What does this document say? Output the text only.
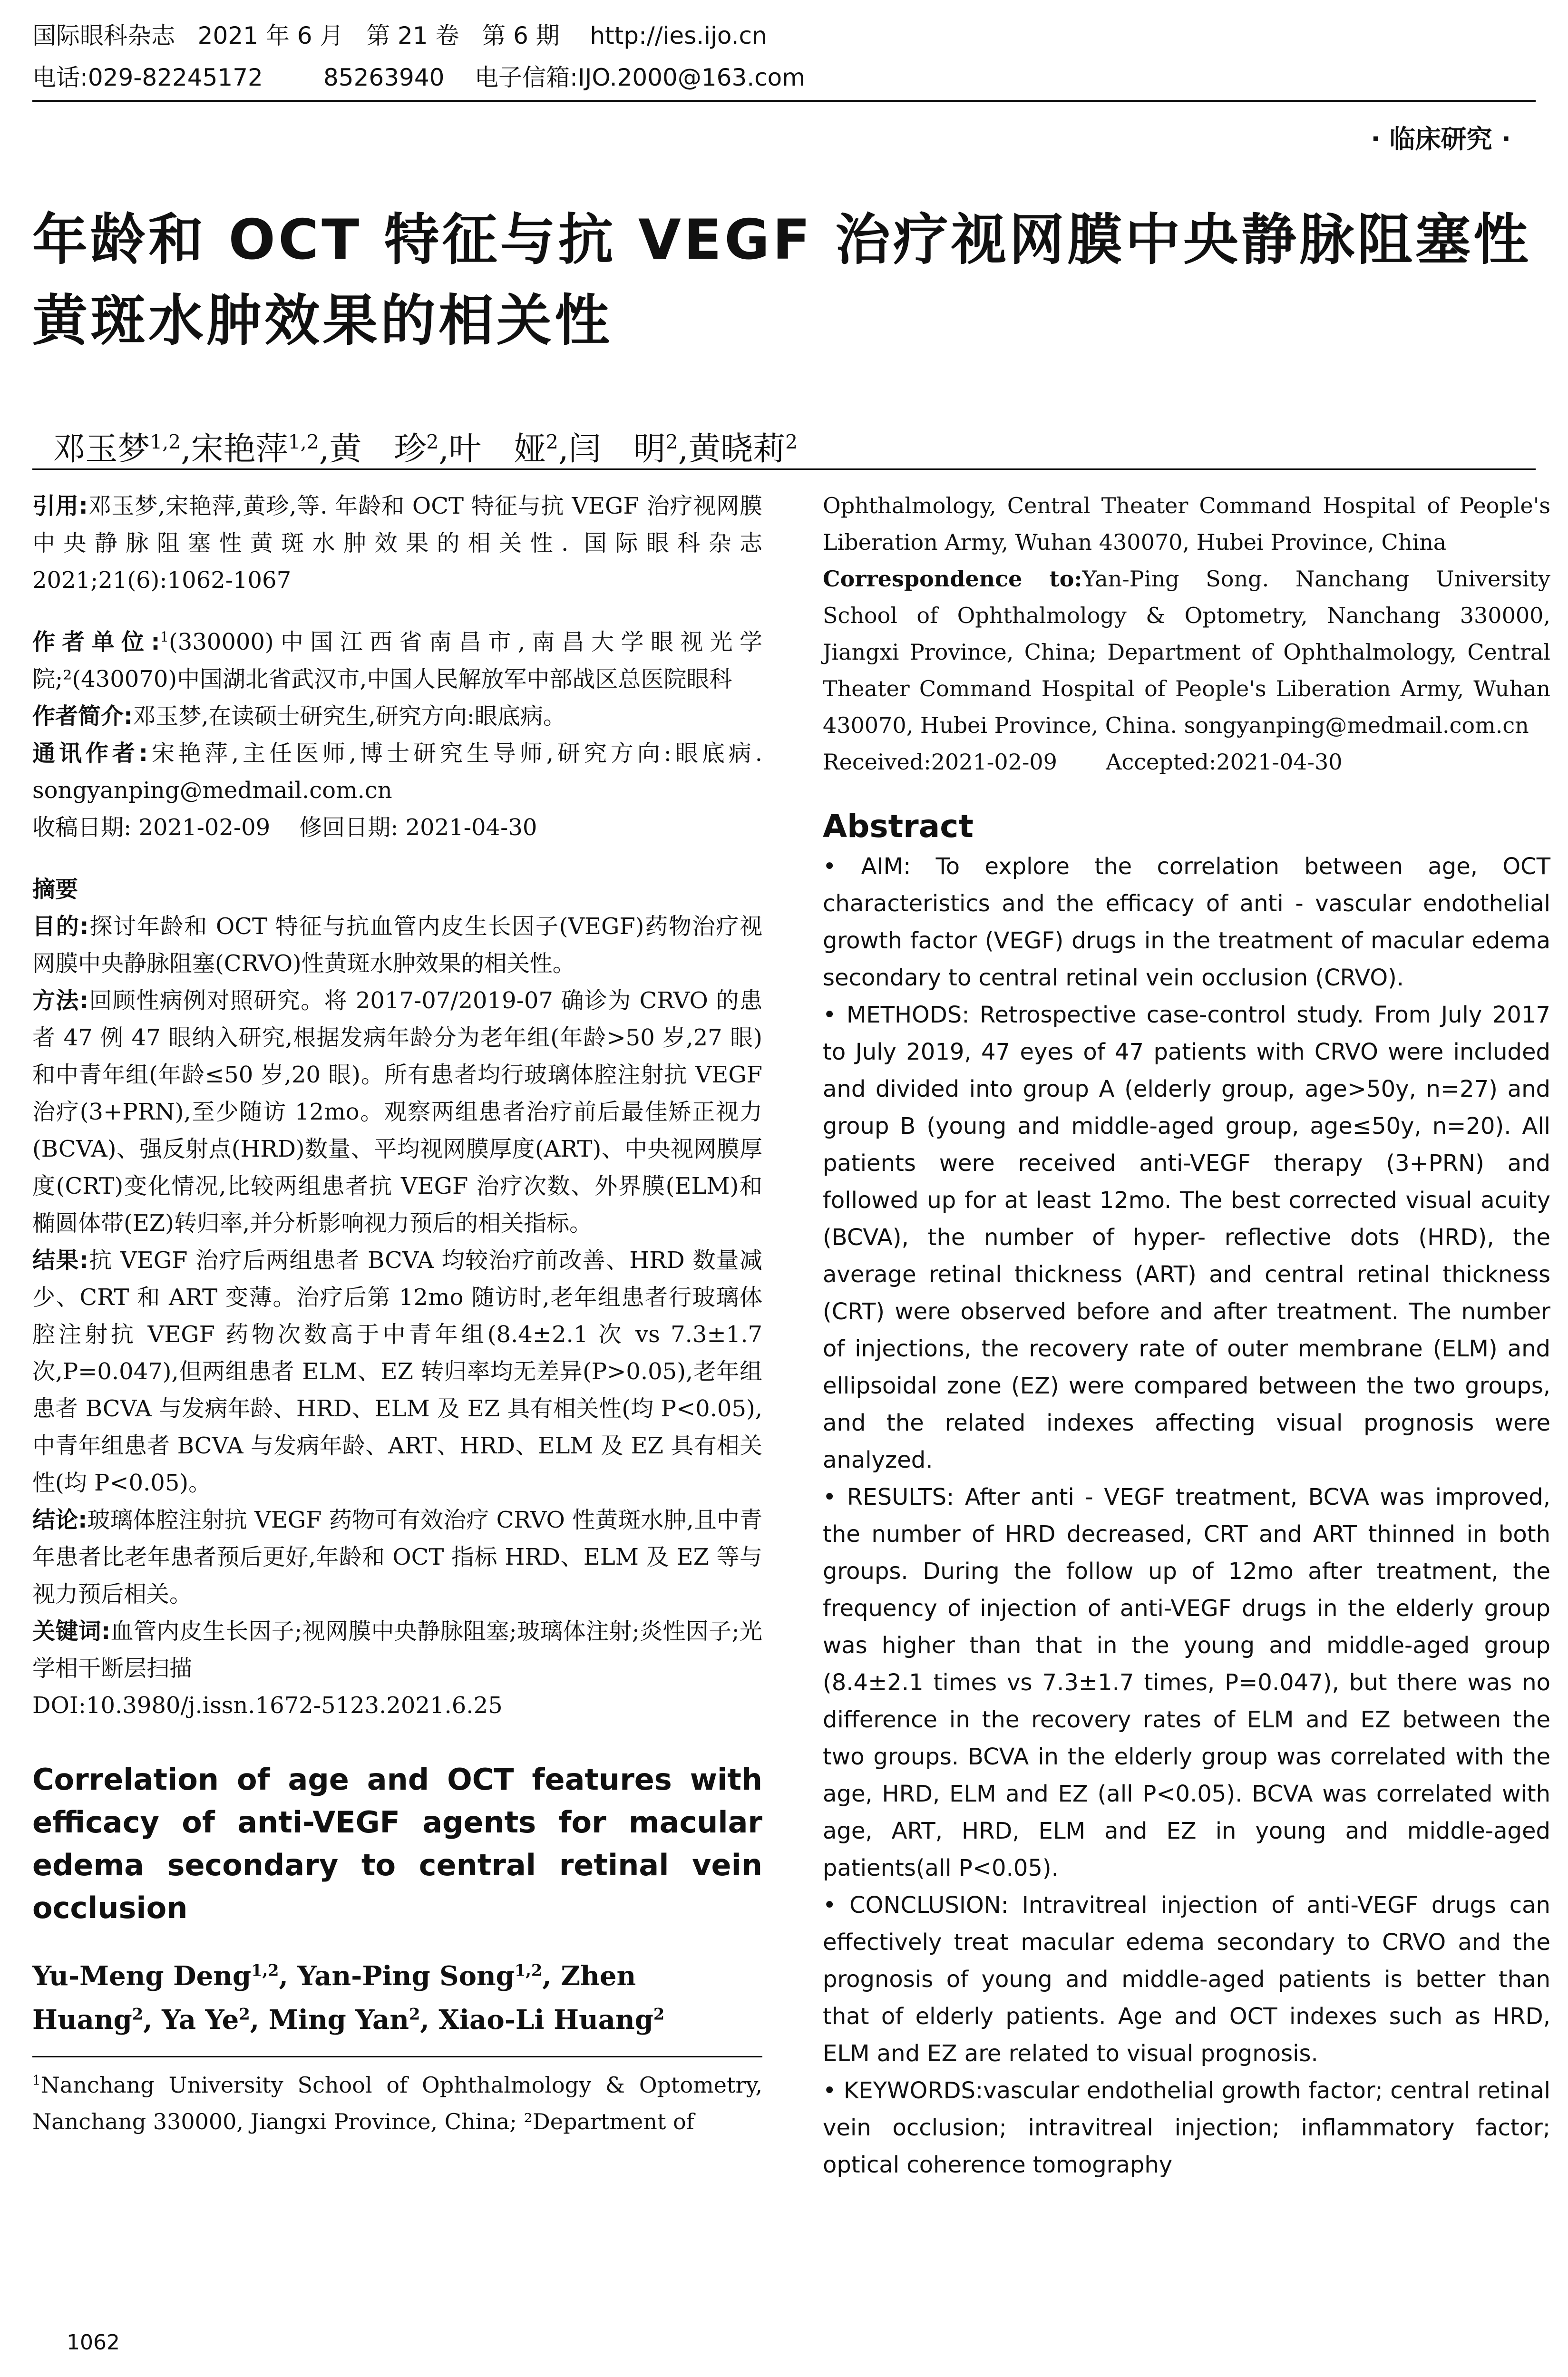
国际眼科杂志   2021 年 6 月   第 21 卷   第 6 期    http://ies.ijo.cn
电话:029-82245172        85263940    电子信箱:IJO.2000@163.com
· 临床研究 ·
年龄和 OCT 特征与抗 VEGF 治疗视网膜中央静脉阻塞性黄斑水肿效果的相关性

邓玉梦$^{1,2}$,宋艳萍$^{1,2}$,黄　珍$^2$,叶　娅$^2$,闫　明$^2$,黄晓莉$^2$

引用:邓玉梦,宋艳萍,黄珍,等. 年龄和 OCT 特征与抗 VEGF 治疗视网膜中央静脉阻塞性黄斑水肿效果的相关性. 国际眼科杂志 2021;21(6):1062-1067

作者单位:$^1$(330000)中国江西省南昌市,南昌大学眼视光学院;²(430070)中国湖北省武汉市,中国人民解放军中部战区总医院眼科

作者简介:邓玉梦,在读硕士研究生,研究方向:眼底病。

通讯作者:宋艳萍,主任医师,博士研究生导师,研究方向:眼底病. songyanping@medmail.com.cn

收稿日期: 2021-02-09    修回日期: 2021-04-30

摘要

目的:探讨年龄和 OCT 特征与抗血管内皮生长因子(VEGF)药物治疗视网膜中央静脉阻塞(CRVO)性黄斑水肿效果的相关性。

方法:回顾性病例对照研究。将 2017-07/2019-07 确诊为 CRVO 的患者 47 例 47 眼纳入研究,根据发病年龄分为老年组(年龄>50 岁,27 眼)和中青年组(年龄≤50 岁,20 眼)。所有患者均行玻璃体腔注射抗 VEGF 治疗(3+PRN),至少随访 12mo。观察两组患者治疗前后最佳矫正视力(BCVA)、强反射点(HRD)数量、平均视网膜厚度(ART)、中央视网膜厚度(CRT)变化情况,比较两组患者抗 VEGF 治疗次数、外界膜(ELM)和椭圆体带(EZ)转归率,并分析影响视力预后的相关指标。

结果:抗 VEGF 治疗后两组患者 BCVA 均较治疗前改善、HRD 数量减少、CRT 和 ART 变薄。治疗后第 12mo 随访时,老年组患者行玻璃体腔注射抗 VEGF 药物次数高于中青年组(8.4±2.1 次 vs 7.3±1.7 次,P=0.047),但两组患者 ELM、EZ 转归率均无差异(P>0.05),老年组患者 BCVA 与发病年龄、HRD、ELM 及 EZ 具有相关性(均 P<0.05),中青年组患者 BCVA 与发病年龄、ART、HRD、ELM 及 EZ 具有相关性(均 P<0.05)。

结论:玻璃体腔注射抗 VEGF 药物可有效治疗 CRVO 性黄斑水肿,且中青年患者比老年患者预后更好,年龄和 OCT 指标 HRD、ELM 及 EZ 等与视力预后相关。

关键词:血管内皮生长因子;视网膜中央静脉阻塞;玻璃体注射;炎性因子;光学相干断层扫描

DOI:10.3980/j.issn.1672-5123.2021.6.25

Correlation of age and OCT features with efficacy of anti-VEGF agents for macular edema secondary to central retinal vein occlusion

Yu-Meng Deng$^{1,2}$, Yan-Ping Song$^{1,2}$, Zhen Huang$^2$, Ya Ye$^2$, Ming Yan$^2$, Xiao-Li Huang$^2$

$^1$Nanchang University School of Ophthalmology & Optometry, Nanchang 330000, Jiangxi Province, China; ²Department of

Ophthalmology, Central Theater Command Hospital of People's Liberation Army, Wuhan 430070, Hubei Province, China

Correspondence to:Yan-Ping Song. Nanchang University School of Ophthalmology & Optometry, Nanchang 330000, Jiangxi Province, China; Department of Ophthalmology, Central Theater Command Hospital of People's Liberation Army, Wuhan 430070, Hubei Province, China. songyanping@medmail.com.cn

Received:2021-02-09       Accepted:2021-04-30

Abstract

• AIM: To explore the correlation between age, OCT characteristics and the efficacy of anti - vascular endothelial growth factor (VEGF) drugs in the treatment of macular edema secondary to central retinal vein occlusion (CRVO).

• METHODS: Retrospective case-control study. From July 2017 to July 2019, 47 eyes of 47 patients with CRVO were included and divided into group A (elderly group, age>50y, n=27) and group B (young and middle-aged group, age≤50y, n=20). All patients were received anti-VEGF therapy (3+PRN) and followed up for at least 12mo. The best corrected visual acuity (BCVA), the number of hyper- reflective dots (HRD), the average retinal thickness (ART) and central retinal thickness (CRT) were observed before and after treatment. The number of injections, the recovery rate of outer membrane (ELM) and ellipsoidal zone (EZ) were compared between the two groups, and the related indexes affecting visual prognosis were analyzed.

• RESULTS: After anti - VEGF treatment, BCVA was improved, the number of HRD decreased, CRT and ART thinned in both groups. During the follow up of 12mo after treatment, the frequency of injection of anti-VEGF drugs in the elderly group was higher than that in the young and middle-aged group (8.4±2.1 times vs 7.3±1.7 times, P=0.047), but there was no difference in the recovery rates of ELM and EZ between the two groups. BCVA in the elderly group was correlated with the age, HRD, ELM and EZ (all P<0.05). BCVA was correlated with age, ART, HRD, ELM and EZ in young and middle-aged patients(all P<0.05).

• CONCLUSION: Intravitreal injection of anti-VEGF drugs can effectively treat macular edema secondary to CRVO and the prognosis of young and middle-aged patients is better than that of elderly patients. Age and OCT indexes such as HRD, ELM and EZ are related to visual prognosis.

• KEYWORDS:vascular endothelial growth factor; central retinal vein occlusion; intravitreal injection; inflammatory factor; optical coherence tomography

1062
